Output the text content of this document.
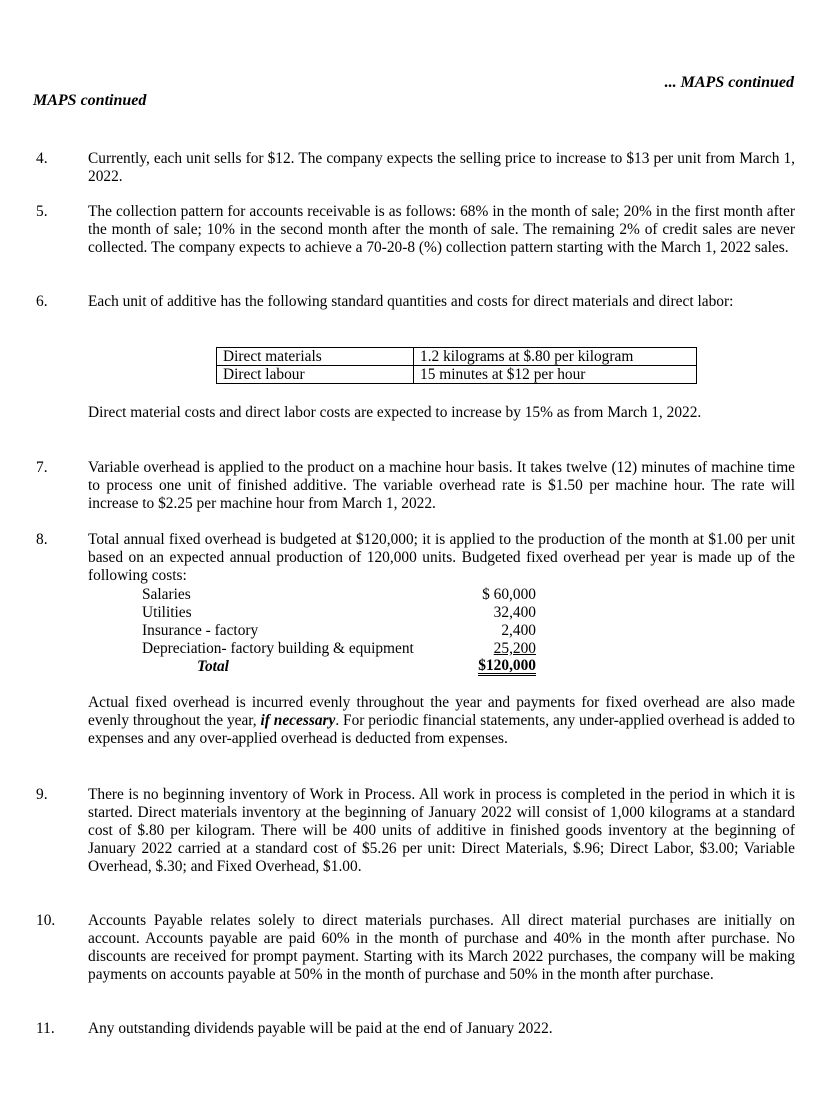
... MAPS continued
MAPS continued
4.	Currently, each unit sells for $12. The company expects the selling price to increase to $13 per unit from March 1, 2022.
5.	The collection pattern for accounts receivable is as follows: 68% in the month of sale; 20% in the first month after the month of sale; 10% in the second month after the month of sale. The remaining 2% of credit sales are never collected. The company expects to achieve a 70-20-8 (%) collection pattern starting with the March 1, 2022 sales.
6.	Each unit of additive has the following standard quantities and costs for direct materials and direct labor:
Direct materials	1.2 kilograms at $.80 per kilogram
Direct labour	15 minutes at $12 per hour
Direct material costs and direct labor costs are expected to increase by 15% as from March 1, 2022.
7.	Variable overhead is applied to the product on a machine hour basis. It takes twelve (12) minutes of machine time to process one unit of finished additive. The variable overhead rate is $1.50 per machine hour. The rate will increase to $2.25 per machine hour from March 1, 2022.
8.	Total annual fixed overhead is budgeted at $120,000; it is applied to the production of the month at $1.00 per unit based on an expected annual production of 120,000 units. Budgeted fixed overhead per year is made up of the following costs:
Salaries	$ 60,000
Utilities	32,400
Insurance - factory	2,400
Depreciation- factory building & equipment	25,200
Total	$120,000
Actual fixed overhead is incurred evenly throughout the year and payments for fixed overhead are also made evenly throughout the year, if necessary. For periodic financial statements, any under-applied overhead is added to expenses and any over-applied overhead is deducted from expenses.
9.	There is no beginning inventory of Work in Process. All work in process is completed in the period in which it is started. Direct materials inventory at the beginning of January 2022 will consist of 1,000 kilograms at a standard cost of $.80 per kilogram. There will be 400 units of additive in finished goods inventory at the beginning of January 2022 carried at a standard cost of $5.26 per unit: Direct Materials, $.96; Direct Labor, $3.00; Variable Overhead, $.30; and Fixed Overhead, $1.00.
10. Accounts Payable relates solely to direct materials purchases. All direct material purchases are initially on account. Accounts payable are paid 60% in the month of purchase and 40% in the month after purchase. No discounts are received for prompt payment. Starting with its March 2022 purchases, the company will be making payments on accounts payable at 50% in the month of purchase and 50% in the month after purchase.
11. Any outstanding dividends payable will be paid at the end of January 2022.
